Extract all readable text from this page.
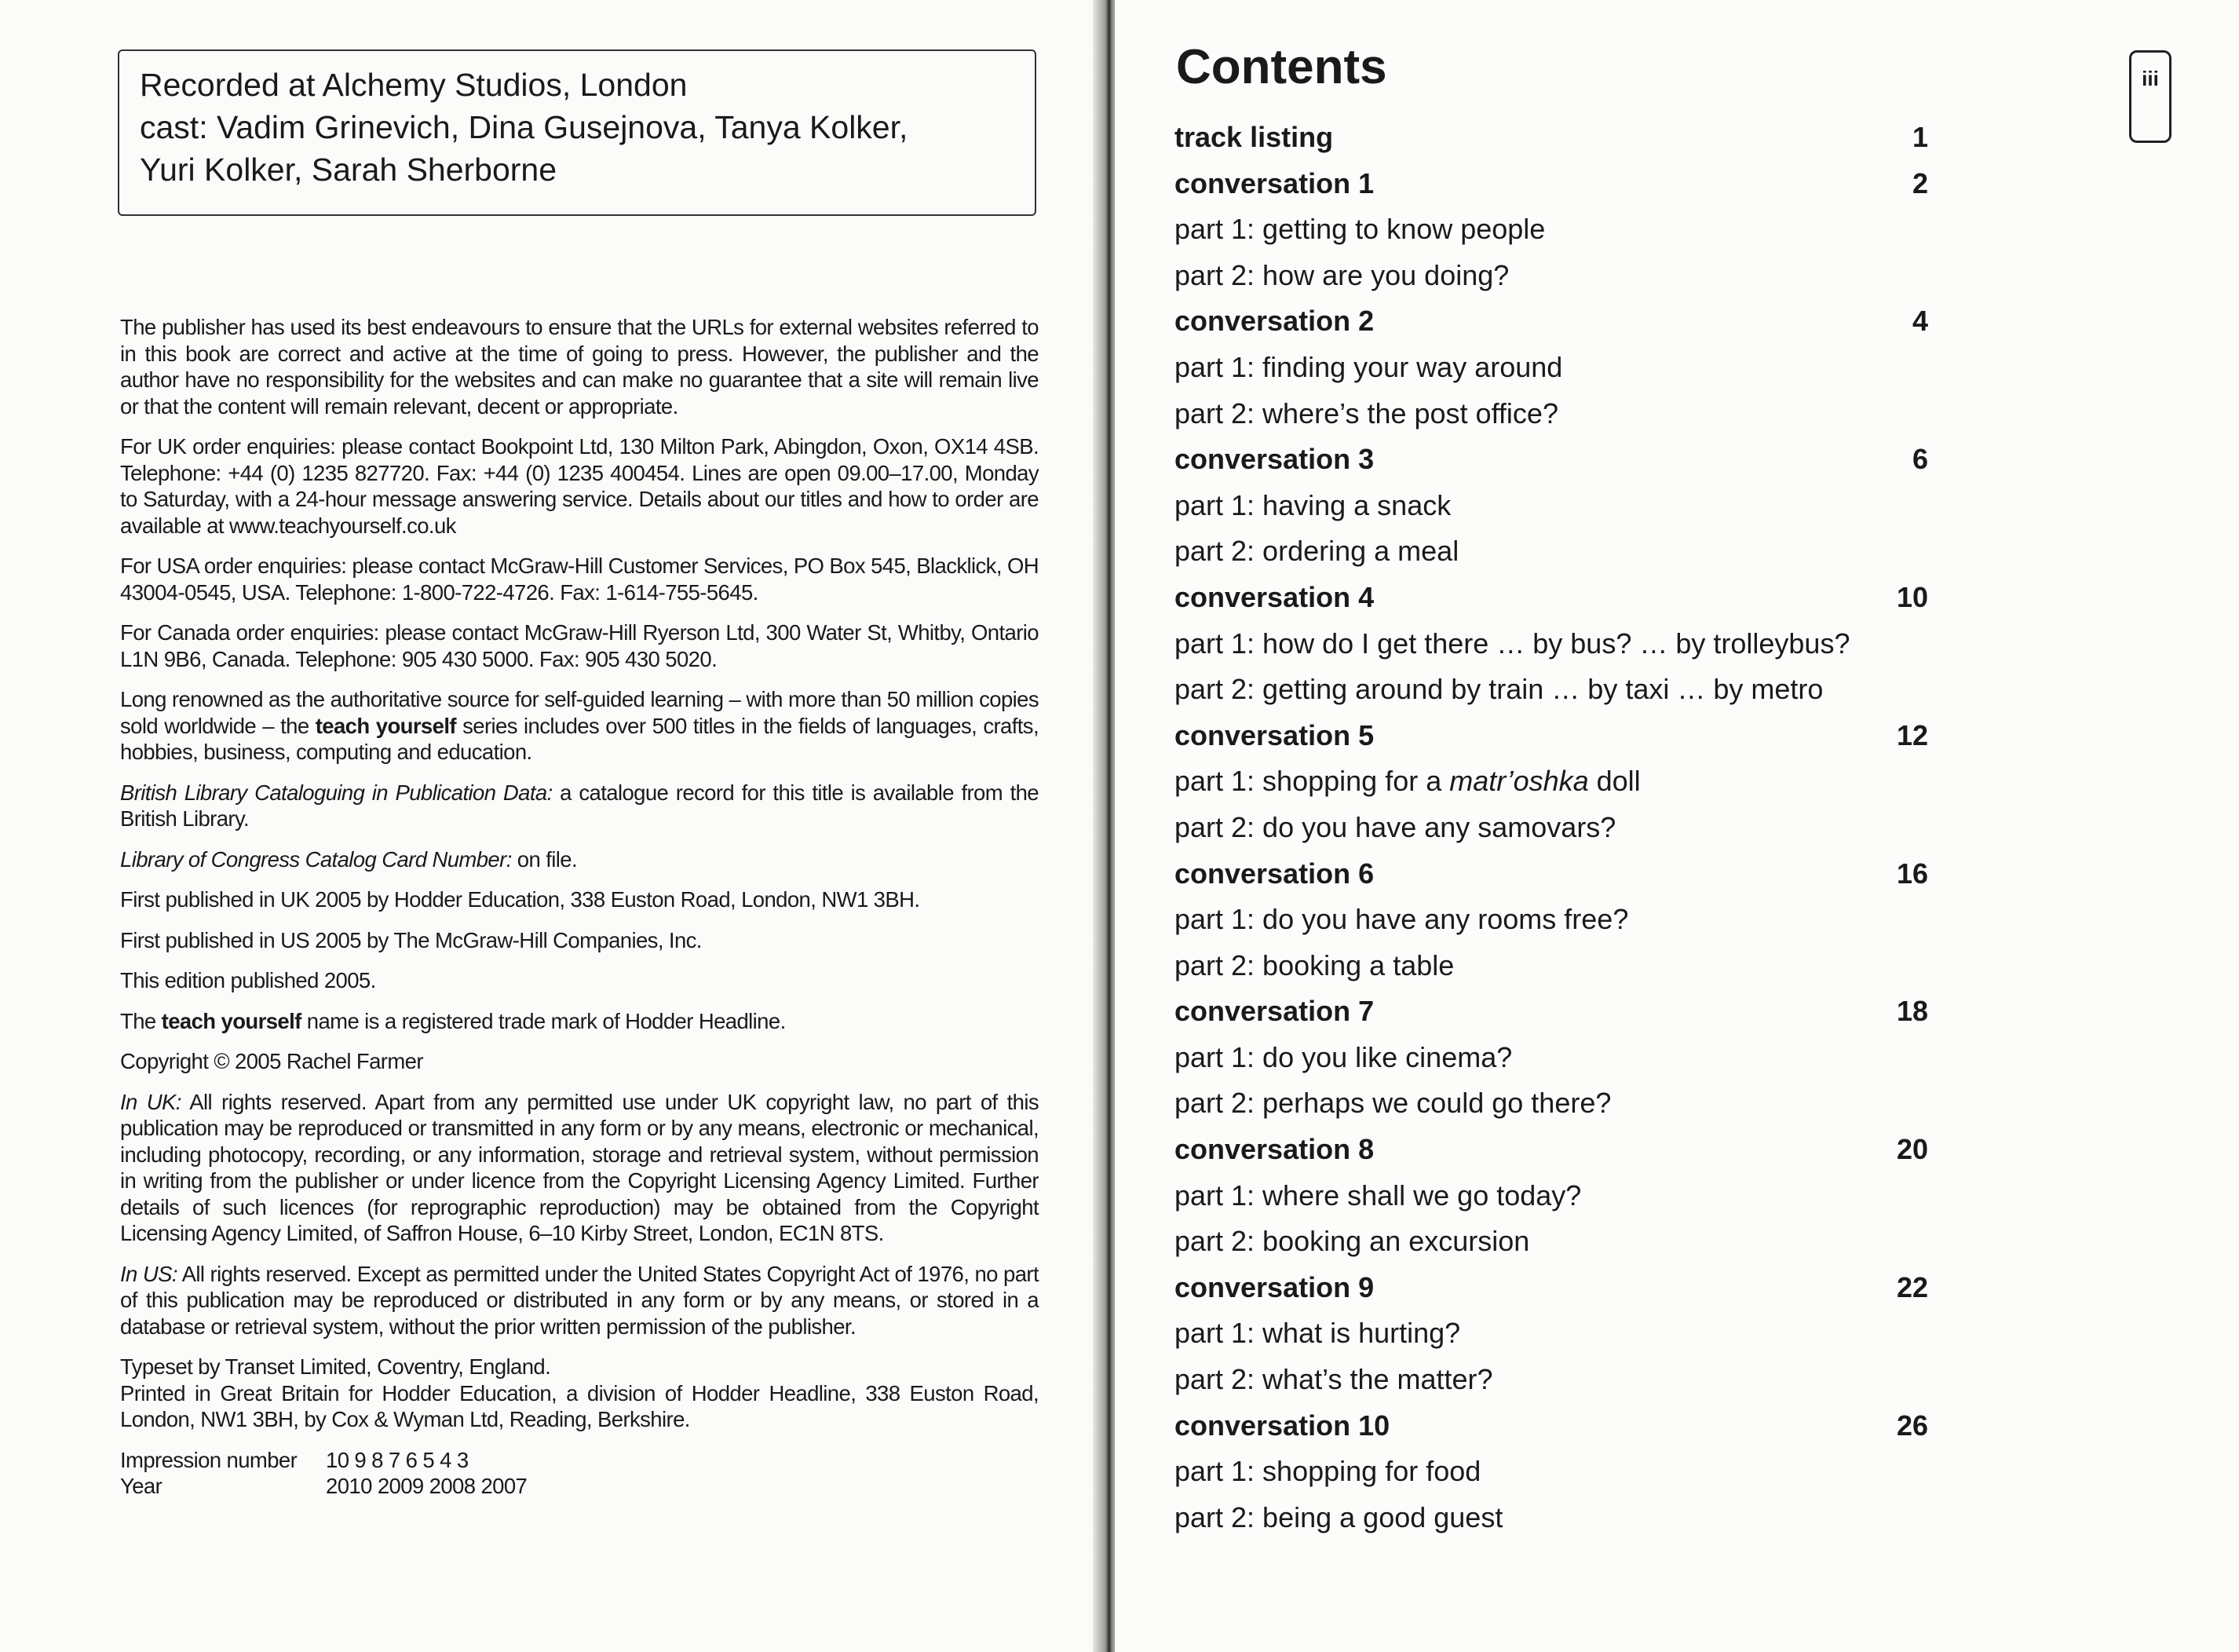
Recorded at Alchemy Studios, London
cast: Vadim Grinevich, Dina Gusejnova, Tanya Kolker,
Yuri Kolker, Sarah Sherborne

The publisher has used its best endeavours to ensure that the URLs for external websites referred to in this book are correct and active at the time of going to press. However, the publisher and the author have no responsibility for the websites and can make no guarantee that a site will remain live or that the content will remain relevant, decent or appropriate.

For UK order enquiries: please contact Bookpoint Ltd, 130 Milton Park, Abingdon, Oxon, OX14 4SB. Telephone: +44 (0) 1235 827720. Fax: +44 (0) 1235 400454. Lines are open 09.00–17.00, Monday to Saturday, with a 24-hour message answering service. Details about our titles and how to order are available at www.teachyourself.co.uk

For USA order enquiries: please contact McGraw-Hill Customer Services, PO Box 545, Blacklick, OH 43004-0545, USA. Telephone: 1-800-722-4726. Fax: 1-614-755-5645.

For Canada order enquiries: please contact McGraw-Hill Ryerson Ltd, 300 Water St, Whitby, Ontario L1N 9B6, Canada. Telephone: 905 430 5000. Fax: 905 430 5020.

Long renowned as the authoritative source for self-guided learning – with more than 50 million copies sold worldwide – the teach yourself series includes over 500 titles in the fields of languages, crafts, hobbies, business, computing and education.

British Library Cataloguing in Publication Data: a catalogue record for this title is available from the British Library.

Library of Congress Catalog Card Number: on file.

First published in UK 2005 by Hodder Education, 338 Euston Road, London, NW1 3BH.

First published in US 2005 by The McGraw-Hill Companies, Inc.

This edition published 2005.

The teach yourself name is a registered trade mark of Hodder Headline.

Copyright © 2005 Rachel Farmer

In UK: All rights reserved. Apart from any permitted use under UK copyright law, no part of this publication may be reproduced or transmitted in any form or by any means, electronic or mechanical, including photocopy, recording, or any information, storage and retrieval system, without permission in writing from the publisher or under licence from the Copyright Licensing Agency Limited. Further details of such licences (for reprographic reproduction) may be obtained from the Copyright Licensing Agency Limited, of Saffron House, 6–10 Kirby Street, London, EC1N 8TS.

In US: All rights reserved. Except as permitted under the United States Copyright Act of 1976, no part of this publication may be reproduced or distributed in any form or by any means, or stored in a database or retrieval system, without the prior written permission of the publisher.

Typeset by Transet Limited, Coventry, England.
Printed in Great Britain for Hodder Education, a division of Hodder Headline, 338 Euston Road, London, NW1 3BH, by Cox & Wyman Ltd, Reading, Berkshire.
Impression number	10 9 8 7 6 5 4 3
Year	2010 2009 2008 2007
Contents	iii
track listing	1
conversation 1	2
part 1: getting to know people
part 2: how are you doing?
conversation 2	4
part 1: finding your way around
part 2: where’s the post office?
conversation 3	6
part 1: having a snack
part 2: ordering a meal
conversation 4	10
part 1: how do I get there … by bus? … by trolleybus?
part 2: getting around by train … by taxi … by metro
conversation 5	12
part 1: shopping for a matr’oshka doll
part 2: do you have any samovars?
conversation 6	16
part 1: do you have any rooms free?
part 2: booking a table
conversation 7	18
part 1: do you like cinema?
part 2: perhaps we could go there?
conversation 8	20
part 1: where shall we go today?
part 2: booking an excursion
conversation 9	22
part 1: what is hurting?
part 2: what’s the matter?
conversation 10	26
part 1: shopping for food
part 2: being a good guest
